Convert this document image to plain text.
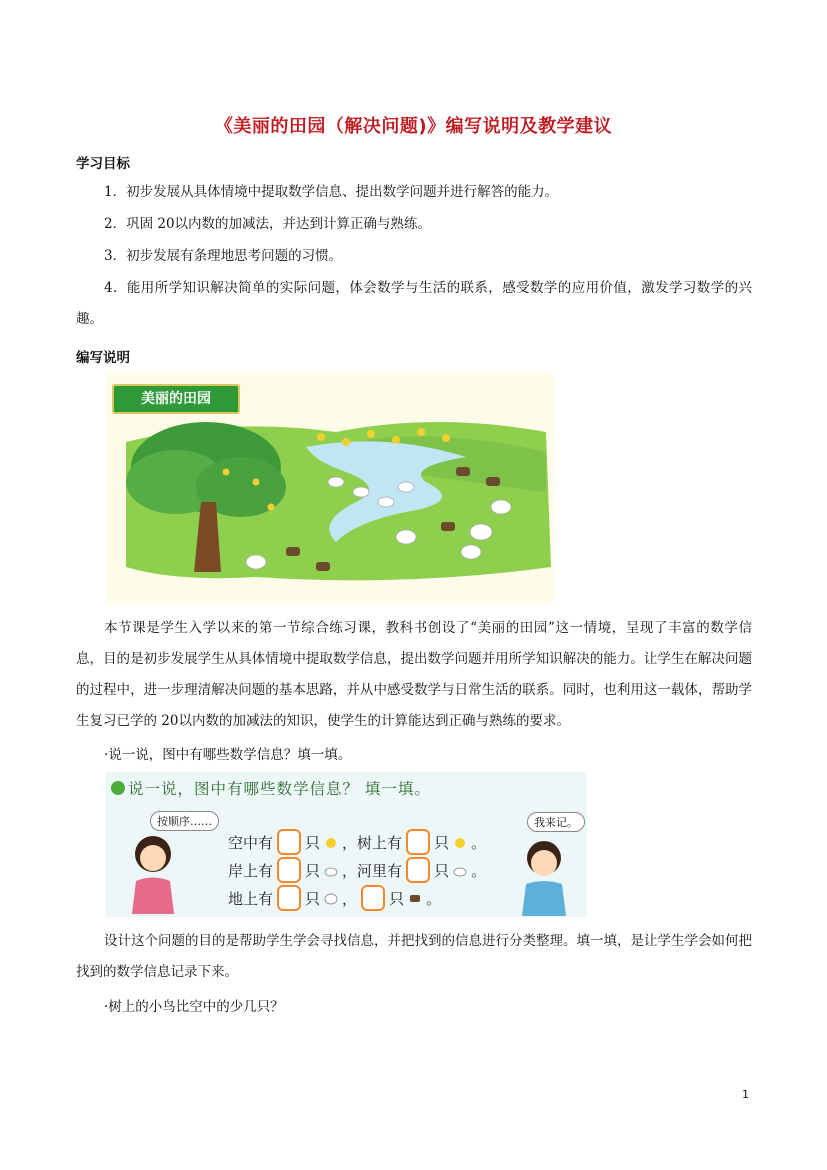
《美丽的田园（解决问题)》编写说明及教学建议
学习目标
1．初步发展从具体情境中提取数学信息、提出数学问题并进行解答的能力。
2．巩固 20以内数的加减法，并达到计算正确与熟练。
3．初步发展有条理地思考问题的习惯。
4．能用所学知识解决简单的实际问题，体会数学与生活的联系，感受数学的应用价值，激发学习数学的兴趣。
编写说明
美丽的田园
本节课是学生入学以来的第一节综合练习课，教科书创设了“美丽的田园”这一情境，呈现了丰富的数学信息，目的是初步发展学生从具体情境中提取数学信息，提出数学问题并用所学知识解决的能力。让学生在解决问题的过程中，进一步理清解决问题的基本思路，并从中感受数学与日常生活的联系。同时，也利用这一载体，帮助学生复习已学的 20以内数的加减法的知识，使学生的计算能达到正确与熟练的要求。
·说一说，图中有哪些数学信息？填一填。
说一说，图中有哪些数学信息？ 填一填。
按顺序……	我来记。
空中有 只 ，树上有 只 。
岸上有 只 ，河里有 只 。
地上有 只 ， 只 。
设计这个问题的目的是帮助学生学会寻找信息，并把找到的信息进行分类整理。填一填，是让学生学会如何把找到的数学信息记录下来。
·树上的小鸟比空中的少几只？
1
